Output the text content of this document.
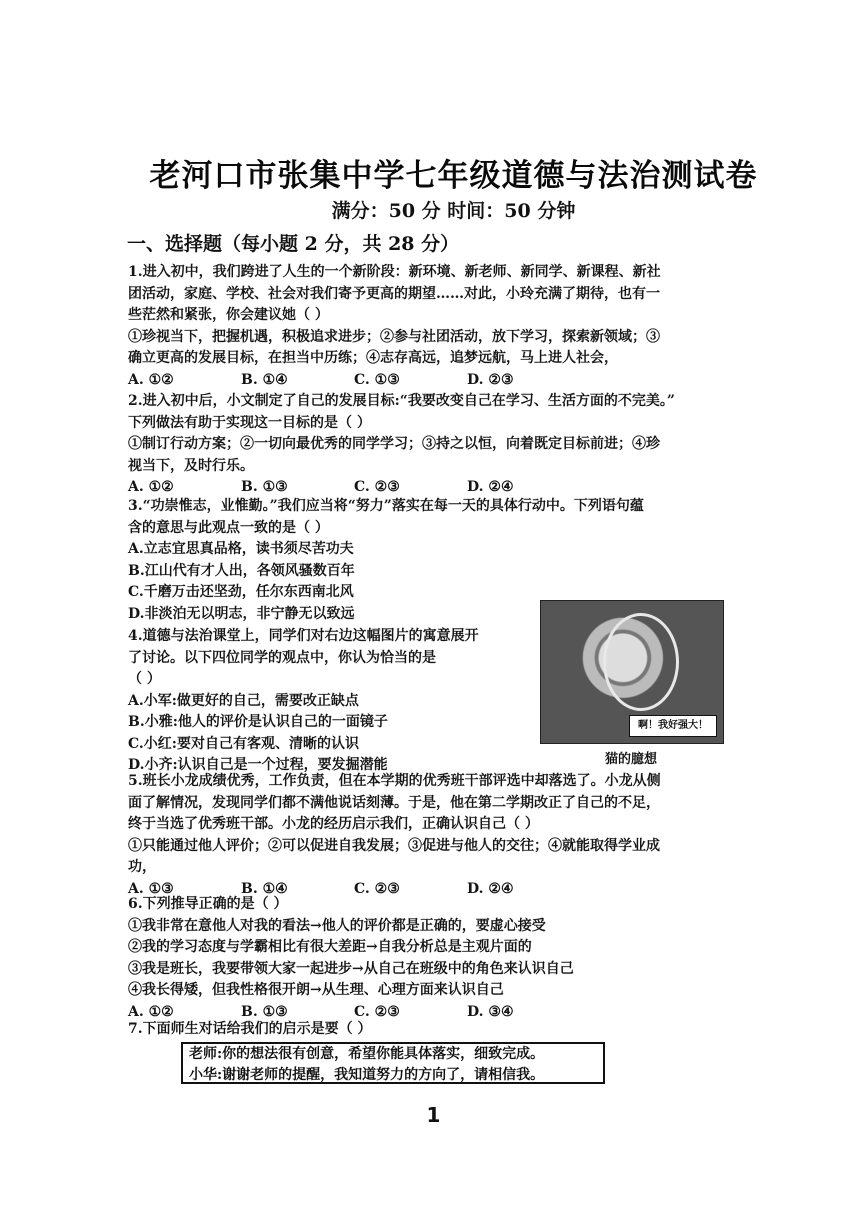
老河口市张集中学七年级道德与法治测试卷
满分：50 分 时间：50 分钟
一、选择题（每小题 2 分，共 28 分）
1.进入初中，我们跨进了人生的一个新阶段：新环境、新老师、新同学、新课程、新社
团活动，家庭、学校、社会对我们寄予更高的期望……对此，小玲充满了期待，也有一
些茫然和紧张，你会建议她（ ）
①珍视当下，把握机遇，积极追求进步；②参与社团活动，放下学习，探索新领域；③
确立更高的发展目标，在担当中历练；④志存高远，追梦远航，马上进人社会，
A. ①②	B. ①④	C. ①③	D. ②③
2.进入初中后，小文制定了自己的发展目标:“我要改变自己在学习、生活方面的不完美。”
下列做法有助于实现这一目标的是（ ）
①制订行动方案；②一切向最优秀的同学学习；③持之以恒，向着既定目标前进；④珍
视当下，及时行乐。
A. ①②	B. ①③	C. ②③	D. ②④
3.“功崇惟志，业惟勤。”我们应当将“努力”落实在每一天的具体行动中。下列语句蕴
含的意思与此观点一致的是（ ）
A.立志宜思真品格，读书须尽苦功夫
B.江山代有才人出，各领风骚数百年
C.千磨万击还坚劲，任尔东西南北风
D.非淡泊无以明志，非宁静无以致远
4.道德与法治课堂上，同学们对右边这幅图片的寓意展开
了讨论。以下四位同学的观点中，你认为恰当的是
（ ）
A.小军:做更好的自己，需要改正缺点
B.小雅:他人的评价是认识自己的一面镜子
C.小红:要对自己有客观、清晰的认识
D.小齐:认识自己是一个过程，要发掘潜能
啊！我好强大！
猫的臆想
5.班长小龙成绩优秀，工作负责，但在本学期的优秀班干部评选中却落选了。小龙从侧
面了解情况，发现同学们都不满他说话刻薄。于是，他在第二学期改正了自己的不足，
终于当选了优秀班干部。小龙的经历启示我们，正确认识自己（ ）
①只能通过他人评价；②可以促进自我发展；③促进与他人的交往；④就能取得学业成
功，
A. ①③	B. ①④	C. ②③	D. ②④
6.下列推导正确的是（ ）
①我非常在意他人对我的看法→他人的评价都是正确的，要虚心接受
②我的学习态度与学霸相比有很大差距→自我分析总是主观片面的
③我是班长，我要带领大家一起进步→从自己在班级中的角色来认识自己
④我长得矮，但我性格很开朗→从生理、心理方面来认识自己
A. ①②	B. ①③	C. ②③	D. ③④
7.下面师生对话给我们的启示是要（ ）
老师:你的想法很有创意，希望你能具体落实，细致完成。
小华:谢谢老师的提醒，我知道努力的方向了，请相信我。
1
